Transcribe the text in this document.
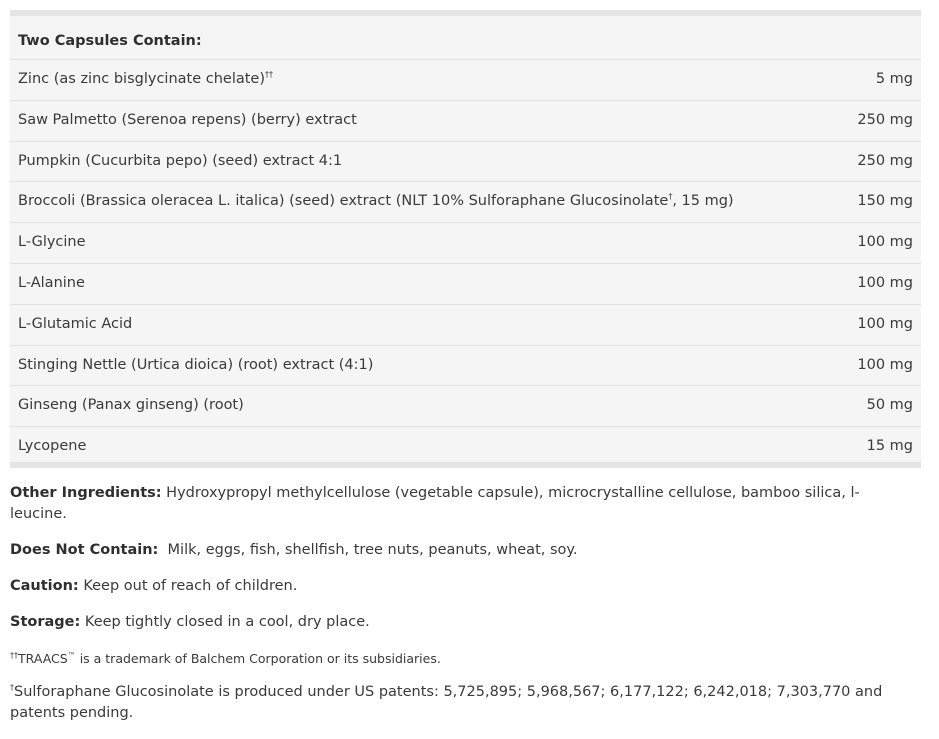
Two Capsules Contain:
Zinc (as zinc bisglycinate chelate)††	5 mg
Saw Palmetto (Serenoa repens) (berry) extract	250 mg
Pumpkin (Cucurbita pepo) (seed) extract 4:1	250 mg
Broccoli (Brassica oleracea L. italica) (seed) extract (NLT 10% Sulforaphane Glucosinolate†, 15 mg)	150 mg
L-Glycine	100 mg
L-Alanine	100 mg
L-Glutamic Acid	100 mg
Stinging Nettle (Urtica dioica) (root) extract (4:1)	100 mg
Ginseng (Panax ginseng) (root)	50 mg
Lycopene	15 mg

Other Ingredients: Hydroxypropyl methylcellulose (vegetable capsule), microcrystalline cellulose, bamboo silica, l-leucine.

Does Not Contain:  Milk, eggs, fish, shellfish, tree nuts, peanuts, wheat, soy.

Caution: Keep out of reach of children.

Storage: Keep tightly closed in a cool, dry place.

††TRAACS™ is a trademark of Balchem Corporation or its subsidiaries.

†Sulforaphane Glucosinolate is produced under US patents: 5,725,895; 5,968,567; 6,177,122; 6,242,018; 7,303,770 and patents pending.
